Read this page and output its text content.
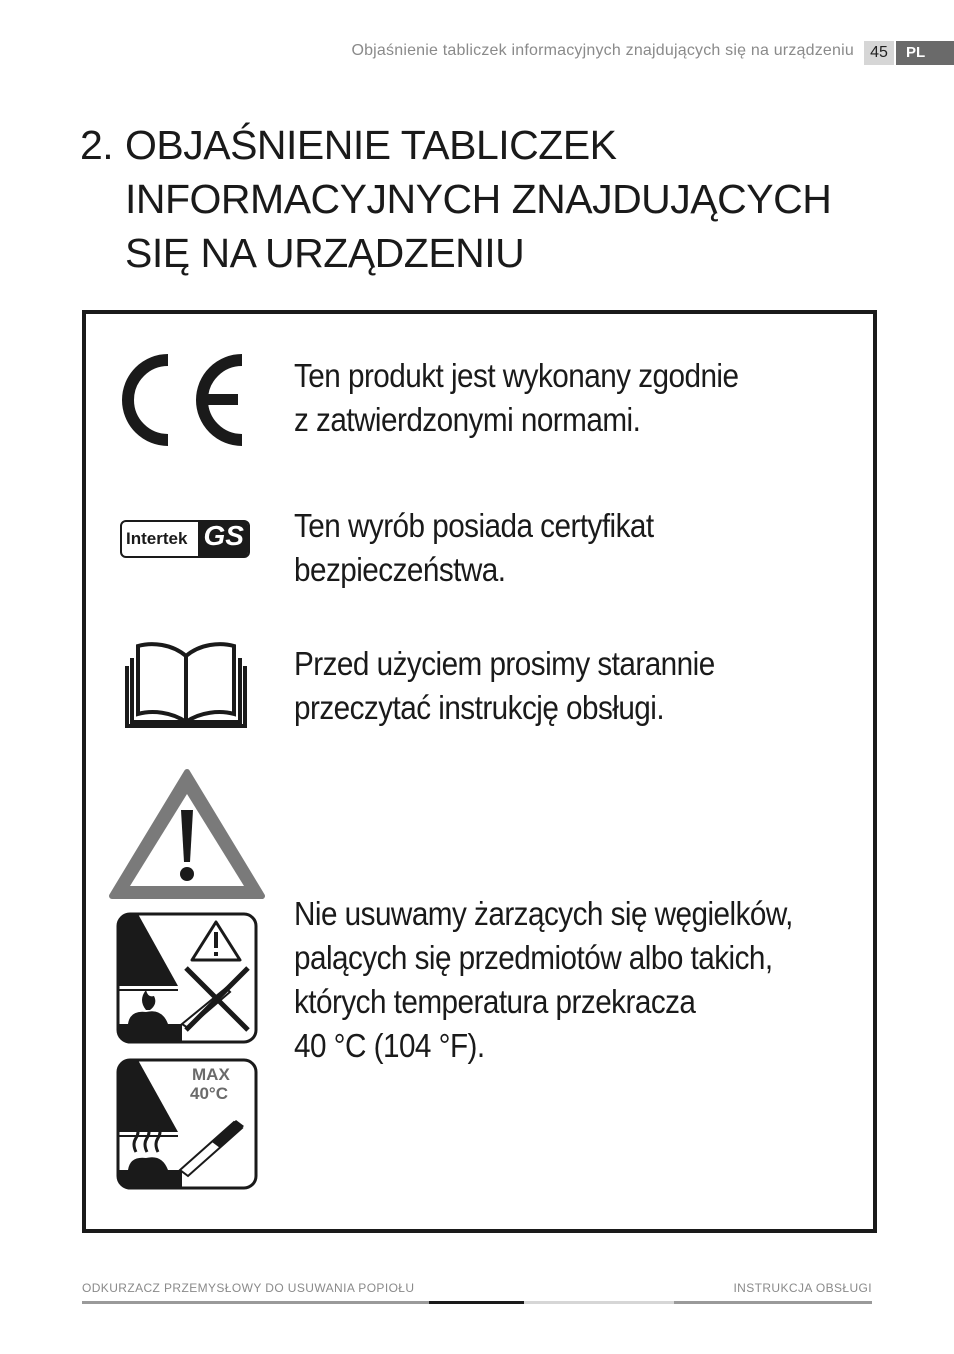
Objaśnienie tabliczek informacyjnych znajdujących się na urządzeniu	45	PL
2. OBJAŚNIENIE TABLICZEK
INFORMACYJNYCH ZNAJDUJĄCYCH
SIĘ NA URZĄDZENIU
Ten produkt jest wykonany zgodnie
z zatwierdzonymi normami.
Intertek GS Ten wyrób posiada certyfikat
bezpieczeństwa.
Przed użyciem prosimy starannie
przeczytać instrukcję obsługi.
MAX
40°C
Nie usuwamy żarzących się węgielków,
palących się przedmiotów albo takich,
których temperatura przekracza
40 °C (104 °F).
ODKURZACZ PRZEMYSŁOWY DO USUWANIA POPIOŁU	INSTRUKCJA OBSŁUGI
